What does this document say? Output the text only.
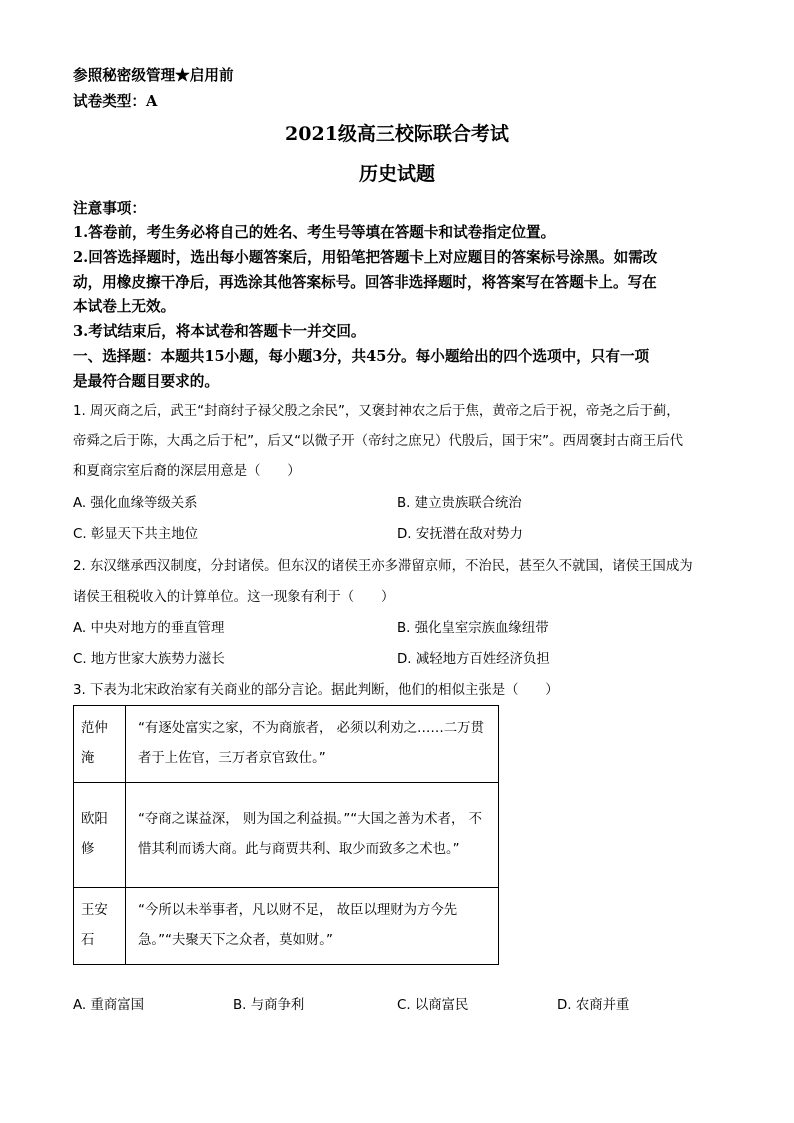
参照秘密级管理★启用前
试卷类型：A
2021级高三校际联合考试
历史试题
注意事项：
1.答卷前，考生务必将自己的姓名、考生号等填在答题卡和试卷指定位置。
2.回答选择题时，选出每小题答案后，用铅笔把答题卡上对应题目的答案标号涂黑。如需改
动，用橡皮擦干净后，再选涂其他答案标号。回答非选择题时，将答案写在答题卡上。写在
本试卷上无效。
3.考试结束后，将本试卷和答题卡一并交回。
一、选择题：本题共15小题，每小题3分，共45分。每小题给出的四个选项中，只有一项
是最符合题目要求的。
1. 周灭商之后，武王“封商纣子禄父殷之余民”，又褒封神农之后于焦，黄帝之后于祝，帝尧之后于蓟，
帝舜之后于陈，大禹之后于杞”，后又“以微子开（帝纣之庶兄）代殷后，国于宋”。西周褒封古商王后代
和夏商宗室后裔的深层用意是（　　）
A. 强化血缘等级关系	B. 建立贵族联合统治
C. 彰显天下共主地位	D. 安抚潜在敌对势力
2. 东汉继承西汉制度，分封诸侯。但东汉的诸侯王亦多滞留京师，不治民，甚至久不就国，诸侯王国成为
诸侯王租税收入的计算单位。这一现象有利于（　　）
A. 中央对地方的垂直管理	B. 强化皇室宗族血缘纽带
C. 地方世家大族势力滋长	D. 减轻地方百姓经济负担
3. 下表为北宋政治家有关商业的部分言论。据此判断，他们的相似主张是（　　）
范仲
淹	“有逐处富实之家，不为商旅者， 必须以利劝之……二万贯者于上佐官，三万者京官致仕。”

欧阳
修	“夺商之谋益深， 则为国之利益损。”“大国之善为术者， 不惜其利而诱大商。此与商贾共利、取少而致多之术也。”

王安
石	“今所以未举事者，凡以财不足， 故臣以理财为方今先急。”“夫聚天下之众者，莫如财。”
A. 重商富国	B. 与商争利	C. 以商富民	D. 农商并重
